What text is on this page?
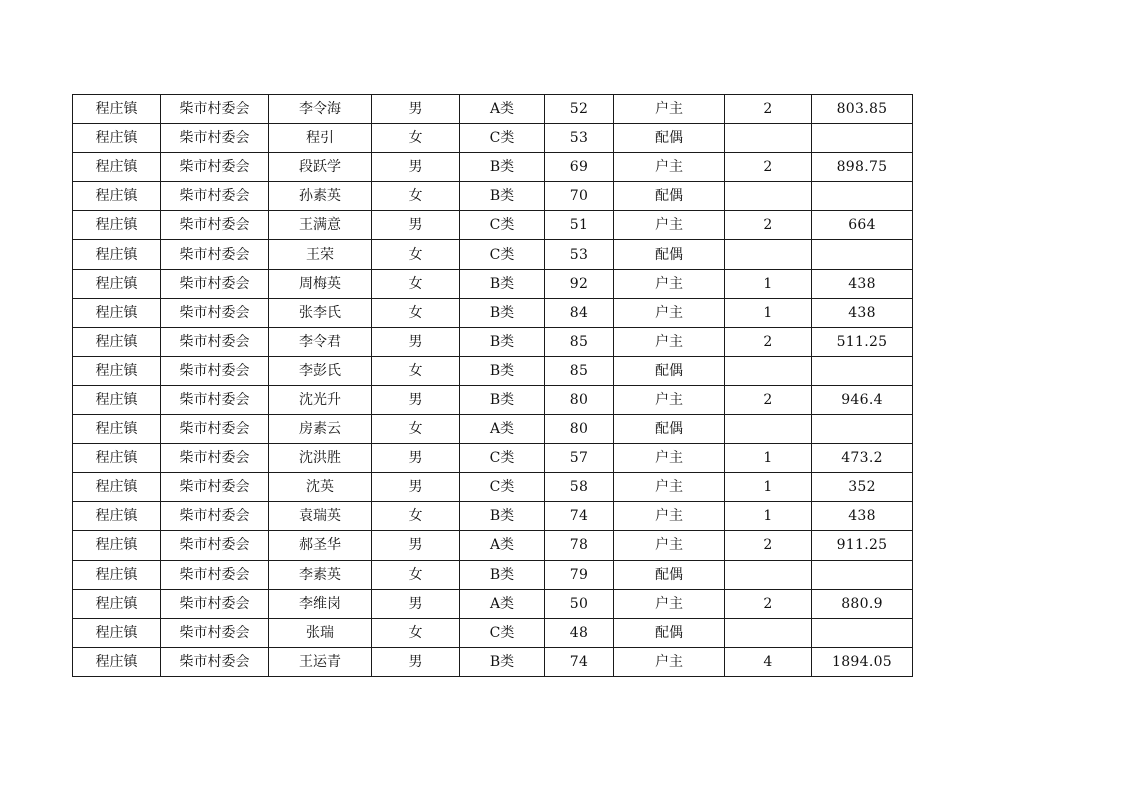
程庄镇	柴市村委会	李令海	男	A类	52	户主	2	803.85
程庄镇	柴市村委会	程引	女	C类	53	配偶		
程庄镇	柴市村委会	段跃学	男	B类	69	户主	2	898.75
程庄镇	柴市村委会	孙素英	女	B类	70	配偶		
程庄镇	柴市村委会	王满意	男	C类	51	户主	2	664
程庄镇	柴市村委会	王荣	女	C类	53	配偶		
程庄镇	柴市村委会	周梅英	女	B类	92	户主	1	438
程庄镇	柴市村委会	张李氏	女	B类	84	户主	1	438
程庄镇	柴市村委会	李令君	男	B类	85	户主	2	511.25
程庄镇	柴市村委会	李彭氏	女	B类	85	配偶		
程庄镇	柴市村委会	沈光升	男	B类	80	户主	2	946.4
程庄镇	柴市村委会	房素云	女	A类	80	配偶		
程庄镇	柴市村委会	沈洪胜	男	C类	57	户主	1	473.2
程庄镇	柴市村委会	沈英	男	C类	58	户主	1	352
程庄镇	柴市村委会	袁瑞英	女	B类	74	户主	1	438
程庄镇	柴市村委会	郝圣华	男	A类	78	户主	2	911.25
程庄镇	柴市村委会	李素英	女	B类	79	配偶		
程庄镇	柴市村委会	李维岗	男	A类	50	户主	2	880.9
程庄镇	柴市村委会	张瑞	女	C类	48	配偶		
程庄镇	柴市村委会	王运青	男	B类	74	户主	4	1894.05
